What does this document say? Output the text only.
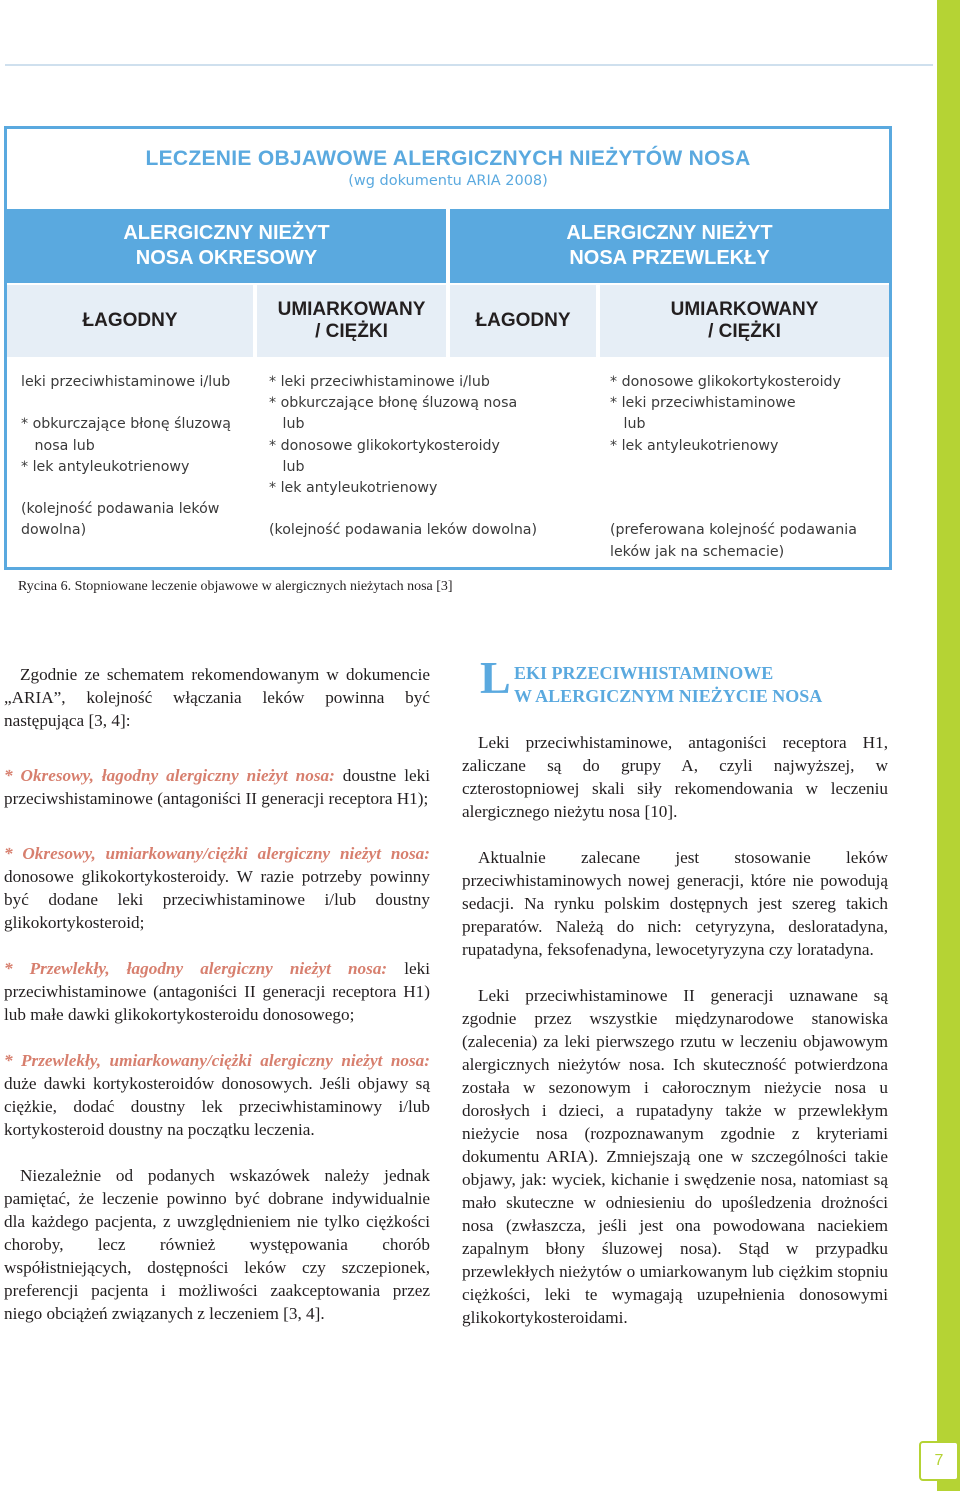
LECZENIE OBJAWOWE ALERGICZNYCH NIEŻYTÓW NOSA
(wg dokumentu ARIA 2008)
ALERGICZNY NIEŻYT
NOSA OKRESOWY
ALERGICZNY NIEŻYT
NOSA PRZEWLEKŁY
ŁAGODNY
UMIARKOWANY
/ CIĘŻKI
ŁAGODNY
UMIARKOWANY
/ CIĘŻKI
leki przeciwhistaminowe i/lub

* obkurczające błonę śluzową
nosa lub
* lek antyleukotrienowy

(kolejność podawania leków
dowolna)
* leki przeciwhistaminowe i/lub
* obkurczające błonę śluzową nosa
lub
* donosowe glikokortykosteroidy
lub
* lek antyleukotrienowy

(kolejność podawania leków dowolna)
* donosowe glikokortykosteroidy
* leki przeciwhistaminowe
lub
* lek antyleukotrienowy

(preferowana kolejność podawania
leków jak na schemacie)
Rycina 6. Stopniowane leczenie objawowe w alergicznych nieżytach nosa [3]

Zgodnie ze schematem rekomendowanym w dokumencie „ARIA”, kolejność włączania leków powinna być następująca [3, 4]:

* Okresowy, łagodny alergiczny nieżyt nosa: doustne leki przeciwshistaminowe (antagoniści II generacji receptora H1);

* Okresowy, umiarkowany/ciężki alergiczny nieżyt nosa: donosowe glikokortykosteroidy. W razie potrzeby powinny być dodane leki przeciwhistaminowe i/lub doustny glikokortykosteroid;

* Przewlekły, łagodny alergiczny nieżyt nosa: leki przeciwhistaminowe (antagoniści II generacji receptora H1) lub małe dawki glikokortykosteroidu donosowego;

* Przewlekły, umiarkowany/ciężki alergiczny nieżyt nosa: duże dawki kortykosteroidów donosowych. Jeśli objawy są ciężkie, dodać doustny lek przeciwhistaminowy i/lub kortykosteroid doustny na początku leczenia.

Niezależnie od podanych wskazówek należy jednak pamiętać, że leczenie powinno być dobrane indywidualnie dla każdego pacjenta, z uwzględnieniem nie tylko ciężkości choroby, lecz również występowania chorób współistniejących, dostępności leków czy szczepionek, preferencji pacjenta i możliwości zaakceptowania przez niego obciążeń związanych z leczeniem [3, 4].

L EKI PRZECIWHISTAMINOWE
W ALERGICZNYM NIEŻYCIE NOSA

Leki przeciwhistaminowe, antagoniści receptora H1, zaliczane są do grupy A, czyli najwyższej, w czterostopniowej skali siły rekomendowania w leczeniu alergicznego nieżytu nosa [10].

Aktualnie zalecane jest stosowanie leków przeciwhistaminowych nowej generacji, które nie powodują sedacji. Na rynku polskim dostępnych jest szereg takich preparatów. Należą do nich: cetyryzyna, desloratadyna, rupatadyna, feksofenadyna, lewocetyryzyna czy loratadyna.

Leki przeciwhistaminowe II generacji uznawane są zgodnie przez wszystkie międzynarodowe stanowiska (zalecenia) za leki pierwszego rzutu w leczeniu objawowym alergicznych nieżytów nosa. Ich skuteczność potwierdzona została w sezonowym i całorocznym nieżycie nosa u dorosłych i dzieci, a rupatadyny także w przewlekłym nieżycie nosa (rozpoznawanym zgodnie z kryteriami dokumentu ARIA). Zmniejszają one w szczególności takie objawy, jak: wyciek, kichanie i swędzenie nosa, natomiast są mało skuteczne w odniesieniu do upośledzenia drożności nosa (zwłaszcza, jeśli jest ona powodowana naciekiem zapalnym błony śluzowej nosa). Stąd w przypadku przewlekłych nieżytów o umiarkowanym lub ciężkim stopniu ciężkości, leki te wymagają uzupełnienia donosowymi glikokortykosteroidami.

7
